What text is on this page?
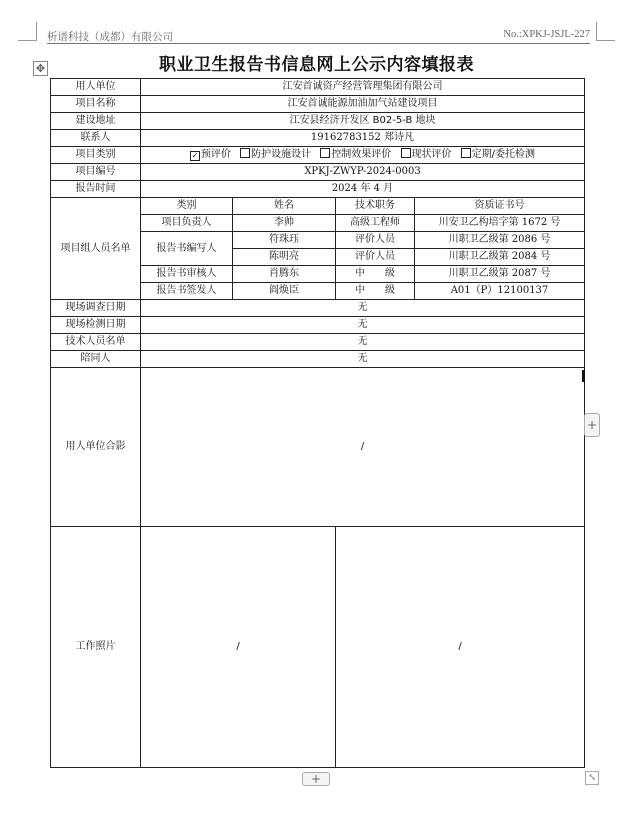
析谱科技（成都）有限公司	No.:XPKJ-JSJL-227
✥	职业卫生报告书信息网上公示内容填报表
用人单位	江安首诚资产经营管理集团有限公司			
项目名称	江安首诚能源加油加气站建设项目			
建设地址	江安县经济开发区 B02-5-B 地块			
联系人	19162783152 郑诗凡			
项目类别	✓ 预评价 防护设施设计 控制效果评价 现状评价 定期/委托检测			
项目编号	XPKJ-ZWYP-2024-0003			
报告时间	2024 年 4 月			
项目组人员名单	类别	姓名	技术职务	资质证书号
	项目负责人	李帅	高级工程师	川安卫乙构培字第 1672 号
	报告书编写人	符珠珏	评价人员	川职卫乙级第 2086 号
		陈明亮	评价人员	川职卫乙级第 2084 号
	报告书审核人	肖腾东	中　　级	川职卫乙级第 2087 号
	报告书签发人	阎焕臣	中　　级	A01（P）12100137
现场调查日期	无			
现场检测日期	无			
技术人员名单	无			
陪同人	无			
用人单位合影	/			
工作照片	/		/	
+
+	⤡
